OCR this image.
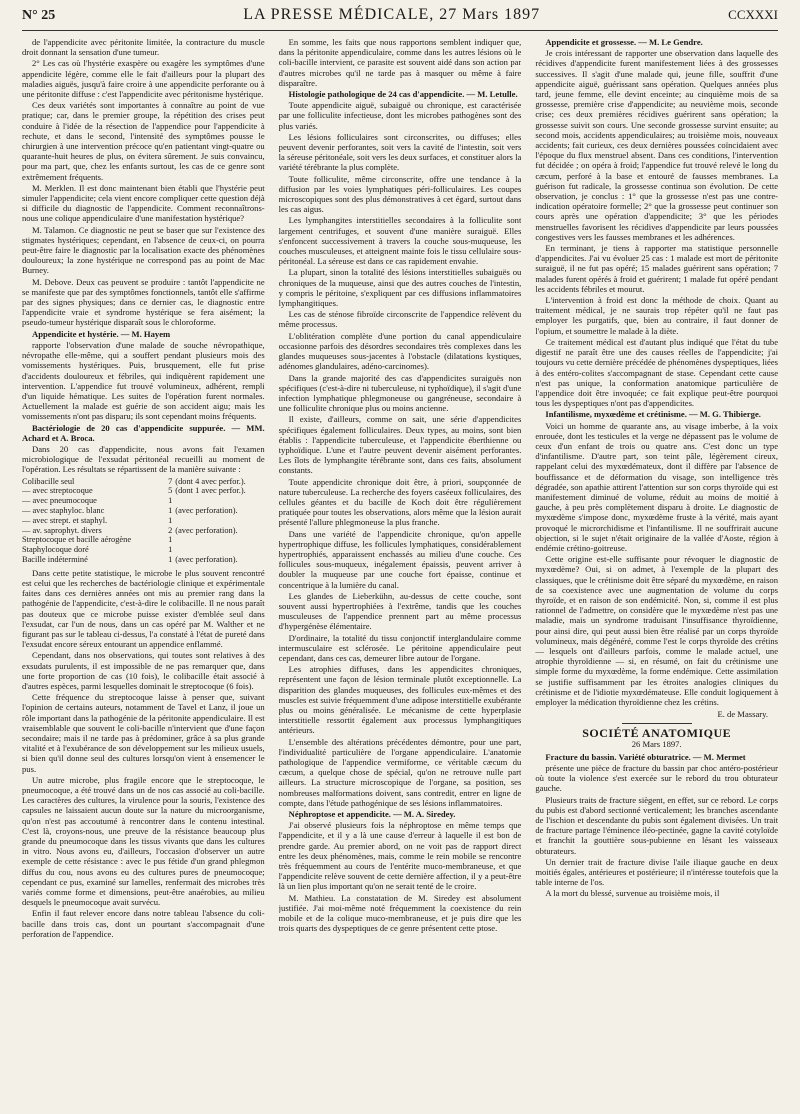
N° 25	LA PRESSE MÉDICALE, 27 Mars 1897	CCXXXI

de l'appendicite avec péritonite limitée, la contracture du muscle droit donnant la sensation d'une tumeur.

2° Les cas où l'hystérie exaspère ou exagère les symptômes d'une appendicite légère, comme elle le fait d'ailleurs pour la plupart des maladies aiguës, jusqu'à faire croire à une appendicite perforante ou à une péritonite diffuse : c'est l'appendicite avec péritonisme hystérique.

Ces deux variétés sont importantes à connaître au point de vue pratique; car, dans le premier groupe, la répétition des crises peut conduire à l'idée de la résection de l'appendice pour l'appendicite à rechute, et dans le second, l'intensité des symptômes pousse le chirurgien à une intervention précoce qu'en patientant vingt-quatre ou quarante-huit heures de plus, on évitera sûrement. Je suis convaincu, pour ma part, que, chez les enfants surtout, les cas de ce genre sont extrêmement fréquents.

M. Merklen. Il est donc maintenant bien établi que l'hystérie peut simuler l'appendicite; cela vient encore compliquer cette question déjà si difficile du diagnostic de l'appendicite. Comment reconnaîtrons-nous une colique appendiculaire d'une manifestation hystérique?

M. Talamon. Ce diagnostic ne peut se baser que sur l'existence des stigmates hystériques; cependant, en l'absence de ceux-ci, on pourra peut-être faire le diagnostic par la localisation exacte des phénomènes douloureux; la zone hystérique ne correspond pas au point de Mac Burney.

M. Debove. Deux cas peuvent se produire : tantôt l'appendicite ne se manifeste que par des symptômes fonctionnels, tantôt elle s'affirme par des signes physiques; dans ce dernier cas, le diagnostic entre l'appendicite vraie et syndrome hystérique se fera aisément; la pseudo-tumeur hystérique disparaît sous le chloroforme.

Appendicite et hystérie. — M. Hayem

rapporte l'observation d'une malade de souche névropathique, névropathe elle-même, qui a souffert pendant plusieurs mois des vomissements hystériques. Puis, brusquement, elle fut prise d'accidents douloureux et fébriles, qui indiquèrent rapidement une intervention. L'appendice fut trouvé volumineux, adhérent, rempli d'un liquide hématique. Les suites de l'opération furent normales. Actuellement la malade est guérie de son accident aigu; mais les vomissements n'ont pas disparu; ils sont cependant moins fréquents.

Bactériologie de 20 cas d'appendicite suppurée. — MM. Achard et A. Broca.

Dans 20 cas d'appendicite, nous avons fait l'examen microbiologique de l'exsudat péritonéal recueilli au moment de l'opération. Les résultats se répartissent de la manière suivante :

Colibacille seul	7	(dont 4 avec perfor.).
— avec streptocoque	5	(dont 1 avec perfor.).
— avec pneumocoque	1	
— avec staphyloc. blanc	1	(avec perforation).
— avec strept. et staphyl.	1	
— av. saprophyt. divers	2	(avec perforation).
Streptocoque et bacille aérogène	1	
Staphylocoque doré	1	
Bacille indéterminé	1	(avec perforation).

Dans cette petite statistique, le microbe le plus souvent rencontré est celui que les recherches de bactériologie clinique et expérimentale faites dans ces dernières années ont mis au premier rang dans la pathogénie de l'appendicite, c'est-à-dire le colibacille. Il ne nous paraît pas douteux que ce microbe puisse exister d'emblée seul dans l'exsudat, car l'un de nous, dans un cas opéré par M. Walther et ne figurant pas sur le tableau ci-dessus, l'a constaté à l'état de pureté dans l'exsudat encore séreux entourant un appendice enflammé.

Cependant, dans nos observations, qui toutes sont relatives à des exsudats purulents, il est impossible de ne pas remarquer que, dans une forte proportion de cas (10 fois), le colibacille était associé à d'autres espèces, parmi lesquelles dominait le streptocoque (6 fois).

Cette fréquence du streptocoque laisse à penser que, suivant l'opinion de certains auteurs, notamment de Tavel et Lanz, il joue un rôle important dans la pathogénie de la péritonite appendiculaire. Il est vraisemblable que souvent le coli-bacille n'intervient que d'une façon secondaire; mais il ne tarde pas à prédominer, grâce à sa plus grande vitalité et à l'exubérance de son développement sur les milieux usuels, si bien qu'il donne seul des cultures lorsqu'on vient à ensemencer le pus.

Un autre microbe, plus fragile encore que le streptocoque, le pneumocoque, a été trouvé dans un de nos cas associé au coli-bacille. Les caractères des cultures, la virulence pour la souris, l'existence des capsules ne laissaient aucun doute sur la nature du microorganisme, qu'on n'est pas accoutumé à rencontrer dans le contenu intestinal. C'est là, croyons-nous, une preuve de la résistance beaucoup plus grande du pneumocoque dans les tissus vivants que dans les cultures in vitro. Nous avons eu, d'ailleurs, l'occasion d'observer un autre exemple de cette résistance : avec le pus fétide d'un grand phlegmon diffus du cou, nous avons eu des cultures pures de pneumocoque; cependant ce pus, examiné sur lamelles, renfermait des microbes très variés comme forme et dimensions, peut-être anaérobies, au milieu desquels le pneumocoque avait survécu.

Enfin il faut relever encore dans notre tableau l'absence du coli-bacille dans trois cas, dont un pourtant s'accompagnait d'une perforation de l'appendice.

En somme, les faits que nous rapportons semblent indiquer que, dans la péritonite appendiculaire, comme dans les autres lésions où le coli-bacille intervient, ce parasite est souvent aidé dans son action par d'autres microbes qu'il ne tarde pas à masquer ou même à faire disparaître.

Histologie pathologique de 24 cas d'appendicite. — M. Letulle.

Toute appendicite aiguë, subaiguë ou chronique, est caractérisée par une folliculite infectieuse, dont les microbes pathogènes sont des plus variés.

Les lésions folliculaires sont circonscrites, ou diffuses; elles peuvent devenir perforantes, soit vers la cavité de l'intestin, soit vers la séreuse péritonéale, soit vers les deux surfaces, et constituer alors la variété térébrante la plus complète.

Toute folliculite, même circonscrite, offre une tendance à la diffusion par les voies lymphatiques péri-folliculaires. Les coupes microscopiques sont des plus démonstratives à cet égard, surtout dans les cas aigus.

Les lymphangites interstitielles secondaires à la folliculite sont largement centrifuges, et souvent d'une manière suraiguë. Elles s'enfoncent successivement à travers la couche sous-muqueuse, les couches musculeuses, et atteignent mainte fois le tissu cellulaire sous-péritonéal. La séreuse est dans ce cas rapidement envahie.

La plupart, sinon la totalité des lésions interstitielles subaiguës ou chroniques de la muqueuse, ainsi que des autres couches de l'intestin, y compris le péritoine, s'expliquent par ces diffusions inflammatoires lymphangitiques.

Les cas de sténose fibroïde circonscrite de l'appendice relèvent du même processus.

L'oblitération complète d'une portion du canal appendiculaire occasionne parfois des désordres secondaires très complexes dans les glandes muqueuses sous-jacentes à l'obstacle (dilatations kystiques, adénomes glandulaires, adéno-carcinomes).

Dans la grande majorité des cas d'appendicites suraiguës non spécifiques (c'est-à-dire ni tuberculeuse, ni typhoïdique), il s'agit d'une infection lymphatique phlegmoneuse ou gangréneuse, secondaire à une folliculite chronique plus ou moins ancienne.

Il existe, d'ailleurs, comme on sait, une série d'appendicites spécifiques également folliculaires. Deux types, au moins, sont bien établis : l'appendicite tuberculeuse, et l'appendicite éberthienne ou typhoïdique. L'une et l'autre peuvent devenir aisément perforantes. Les îlots de lymphangite térébrante sont, dans ces faits, absolument constants.

Toute appendicite chronique doit être, à priori, soupçonnée de nature tuberculeuse. La recherche des foyers caséeux folliculaires, des cellules géantes et du bacille de Koch doit être régulièrement pratiquée pour toutes les observations, alors même que la lésion aurait présenté l'allure phlegmoneuse la plus franche.

Dans une variété de l'appendicite chronique, qu'on appelle hypertrophique diffuse, les follicules lymphatiques, considérablement hypertrophiés, apparaissent enchassés au milieu d'une couche. Ces follicules sous-muqueux, inégalement épaissis, peuvent arriver à doubler la muqueuse par une couche fort épaisse, continue et concentrique à la lumière du canal.

Les glandes de Lieberkühn, au-dessus de cette couche, sont souvent aussi hypertrophiées à l'extrême, tandis que les couches musculeuses de l'appendice prennent part au même processus d'hypergénèse élémentaire.

D'ordinaire, la totalité du tissu conjonctif interglandulaire comme intermusculaire est sclérosée. Le péritoine appendiculaire peut cependant, dans ces cas, demeurer libre autour de l'organe.

Les atrophies diffuses, dans les appendicites chroniques, représentent une façon de lésion terminale plutôt exceptionnelle. La disparition des glandes muqueuses, des follicules eux-mêmes et des muscles est suivie fréquemment d'une adipose interstitielle exubérante plus ou moins généralisée. Le mécanisme de cette hyperplasie interstitielle ressortit également aux processus lymphangitiques antérieurs.

L'ensemble des altérations précédentes démontre, pour une part, l'individualité particulière de l'organe appendiculaire. L'anatomie pathologique de l'appendice vermiforme, ce véritable cæcum du cæcum, a quelque chose de spécial, qu'on ne retrouve nulle part ailleurs. La structure microscopique de l'organe, sa position, ses nombreuses malformations doivent, sans contredit, entrer en ligne de compte, dans l'étude pathogénique de ses lésions inflammatoires.

Néphroptose et appendicite. — M. A. Siredey.

J'ai observé plusieurs fois la néphroptose en même temps que l'appendicite, et il y a là une cause d'erreur à laquelle il est bon de prendre garde. Au premier abord, on ne voit pas de rapport direct entre les deux phénomènes, mais, comme le rein mobile se rencontre très fréquemment au cours de l'entérite muco-membraneuse, et que l'appendicite relève souvent de cette dernière affection, il y a peut-être là un lien plus important qu'on ne serait tenté de le croire.

M. Mathieu. La constatation de M. Siredey est absolument justifiée. J'ai moi-même noté fréquemment la coexistence du rein mobile et de la colique muco-membraneuse, et je puis dire que les trois quarts des dyspeptiques de ce genre présentent cette ptose.

Appendicite et grossesse. — M. Le Gendre.

Je crois intéressant de rapporter une observation dans laquelle des récidives d'appendicite furent manifestement liées à des grossesses successives. Il s'agit d'une malade qui, jeune fille, souffrit d'une appendicite aiguë, guérissant sans opération. Quelques années plus tard, jeune femme, elle devint enceinte; au cinquième mois de sa grossesse, première crise d'appendicite; au neuvième mois, seconde crise; ces deux premières récidives guérirent sans opération; la grossesse suivit son cours. Une seconde grossesse survint ensuite; au second mois, accidents appendiculaires; au troisième mois, nouveaux accidents; fait curieux, ces deux dernières poussées coïncidaient avec l'époque du flux menstruel absent. Dans ces conditions, l'intervention fut décidée ; on opéra à froid; l'appendice fut trouvé relevé le long du cæcum, perforé à la base et entouré de fausses membranes. La guérison fut radicale, la grossesse continua son évolution. De cette observation, je conclus : 1° que la grossesse n'est pas une contre-indication opératoire formelle; 2° que la grossesse peut continuer son cours après une opération d'appendicite; 3° que les périodes menstruelles favorisent les récidives d'appendicite par leurs poussées congestives vers les fausses membranes et les adhérences.

En terminant, je tiens à rapporter ma statistique personnelle d'appendicites. J'ai vu évoluer 25 cas : 1 malade est mort de péritonite suraiguë, il ne fut pas opéré; 15 malades guérirent sans opération; 7 malades furent opérés à froid et guérirent; 1 malade fut opéré pendant les accidents fébriles et mourut.

L'intervention à froid est donc la méthode de choix. Quant au traitement médical, je ne saurais trop répéter qu'il ne faut pas employer les purgatifs, que, bien au contraire, il faut donner de l'opium, et soumettre le malade à la diète.

Ce traitement médical est d'autant plus indiqué que l'état du tube digestif ne paraît être une des causes réelles de l'appendicite; j'ai toujours vu cette dernière précédée de phénomènes dyspeptiques, liées à des entéro-colites s'accompagnant de stase. Cependant cette cause n'est pas unique, la conformation anatomique particulière de l'appendice doit être invoquée; ce fait explique peut-être pourquoi tous les dyspeptiques n'ont pas d'appendicites.

Infantilisme, myxœdème et crétinisme. — M. G. Thibierge.

Voici un homme de quarante ans, au visage imberbe, à la voix enrouée, dont les testicules et la verge ne dépassent pas le volume de ceux d'un enfant de trois ou quatre ans. C'est donc un type d'infantilisme. D'autre part, son teint pâle, légèrement cireux, rappelant celui des myxœdémateux, dont il diffère par l'absence de bouffissance et de déformation du visage, son intelligence très dégradée, son apathie attirent l'attention sur son corps thyroïde qui est manifestement diminué de volume, réduit au moins de moitié à gauche, à peu près complètement disparu à droite. Le diagnostic de myxœdème s'impose donc, myxœdème fruste à la vérité, mais ayant provoqué le microrchidisme et l'infantilisme. Il ne souffrirait aucune objection, si le sujet n'était originaire de la vallée d'Aoste, région à endémie crétino-goitreuse.

Cette origine est-elle suffisante pour révoquer le diagnostic de myxœdème? Oui, si on admet, à l'exemple de la plupart des classiques, que le crétinisme doit être séparé du myxœdème, en raison de sa coexistence avec une augmentation de volume du corps thyroïde, et en raison de son endémicité. Non, si, comme il est plus rationnel de l'admettre, on considère que le myxœdème n'est pas une maladie, mais un syndrome traduisant l'insuffisance thyroïdienne, pour ainsi dire, qui peut aussi bien être réalisé par un corps thyroïde volumineux, mais dégénéré, comme l'est le corps thyroïde des crétins — lesquels ont d'ailleurs parfois, comme le malade actuel, une atrophie thyroïdienne — si, en résumé, on fait du crétinisme une simple forme du myxœdème, la forme endémique. Cette assimilation se justifie suffisamment par les étroites analogies cliniques du crétinisme et de l'idiotie myxœdémateuse. Elle conduit logiquement à employer la médication thyroïdienne chez les crétins.

E. de Massary.
SOCIÉTÉ ANATOMIQUE
26 Mars 1897.

Fracture du bassin. Variété obturatrice. — M. Mermet

présente une pièce de fracture du bassin par choc antéro-postérieur où toute la violence s'est exercée sur le rebord du trou obturateur gauche.

Plusieurs traits de fracture siègent, en effet, sur ce rebord. Le corps du pubis est d'abord sectionné verticalement; les branches ascendante de l'ischion et descendante du pubis sont également divisées. Un trait de fracture partage l'éminence iléo-pectinée, gagne la cavité cotyloïde et franchit la gouttière sous-pubienne en lésant les vaisseaux obturateurs.

Un dernier trait de fracture divise l'aile iliaque gauche en deux moitiés égales, antérieures et postérieure; il n'intéresse toutefois que la table interne de l'os.

A la mort du blessé, survenue au troisième mois, il
